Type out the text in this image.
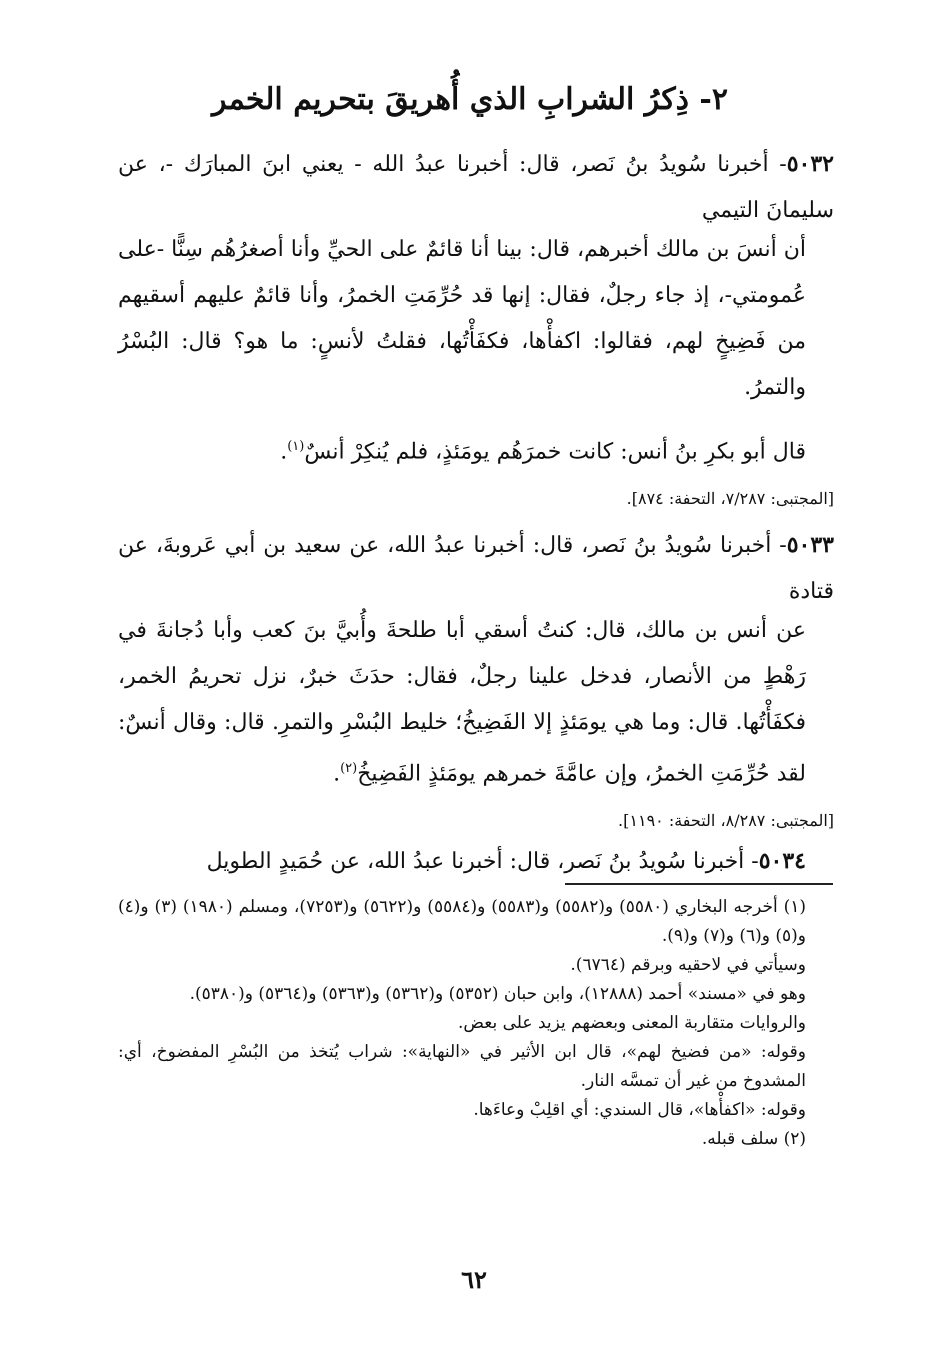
٢- ذِكرُ الشرابِ الذي أُهريقَ بتحريم الخمر

٥٠٣٢- أخبرنا سُويدُ بنُ نَصر، قال: أخبرنا عبدُ الله - يعني ابنَ المبارَك -، عن سليمانَ التيمي

أن أنسَ بن مالك أخبرهم، قال: بينا أنا قائمٌ على الحيِّ وأنا أصغرُهُم سِنًّا -على عُمومتي-، إذ جاء رجلٌ، فقال: إنها قد حُرِّمَتِ الخمرُ، وأنا قائمٌ عليهم أسقيهم من فَضِيخٍ لهم، فقالوا: اكفأْها، فكفَأْتُها، فقلتُ لأنسٍ: ما هو؟ قال: البُسْرُ والتمرُ.

قال أبو بكرِ بنُ أنس: كانت خمرَهُم يومَئذٍ، فلم يُنكِرْ أنسٌ$^{(١)}$.

[المجتبى: ٧/٢٨٧، التحفة: ٨٧٤].

٥٠٣٣- أخبرنا سُويدُ بنُ نَصر، قال: أخبرنا عبدُ الله، عن سعيد بن أبي عَروبةَ، عن قتادة

عن أنس بن مالك، قال: كنتُ أسقي أبا طلحةَ وأُبيَّ بنَ كعب وأبا دُجانةَ في رَهْطٍ من الأنصار، فدخل علينا رجلٌ، فقال: حدَثَ خبرٌ، نزل تحريمُ الخمر، فكفَأْتُها. قال: وما هي يومَئذٍ إلا الفَضِيخُ؛ خليط البُسْرِ والتمرِ. قال: وقال أنسٌ: لقد حُرِّمَتِ الخمرُ، وإن عامَّةَ خمرهم يومَئذٍ الفَضِيخُ$^{(٢)}$.

[المجتبى: ٨/٢٨٧، التحفة: ١١٩٠].

٥٠٣٤- أخبرنا سُويدُ بنُ نَصر، قال: أخبرنا عبدُ الله، عن حُمَيدٍ الطويل

(١) أخرجه البخاري (٥٥٨٠) و(٥٥٨٢) و(٥٥٨٣) و(٥٥٨٤) و(٥٦٢٢) و(٧٢٥٣)، ومسلم (١٩٨٠) (٣) و(٤) و(٥) و(٦) و(٧) و(٩).

وسيأتي في لاحقيه وبرقم (٦٧٦٤).

وهو في «مسند» أحمد (١٢٨٨٨)، وابن حبان (٥٣٥٢) و(٥٣٦٢) و(٥٣٦٣) و(٥٣٦٤) و(٥٣٨٠).

والروايات متقاربة المعنى وبعضهم يزيد على بعض.

وقوله: «من فضيخ لهم»، قال ابن الأثير في «النهاية»: شراب يُتخذ من البُسْرِ المفضوخ، أي: المشدوخ من غير أن تمسَّه النار.

وقوله: «اكفأْها»، قال السندي: أي اقلِبْ وعاءَها.

(٢) سلف قبله.

٦٢
